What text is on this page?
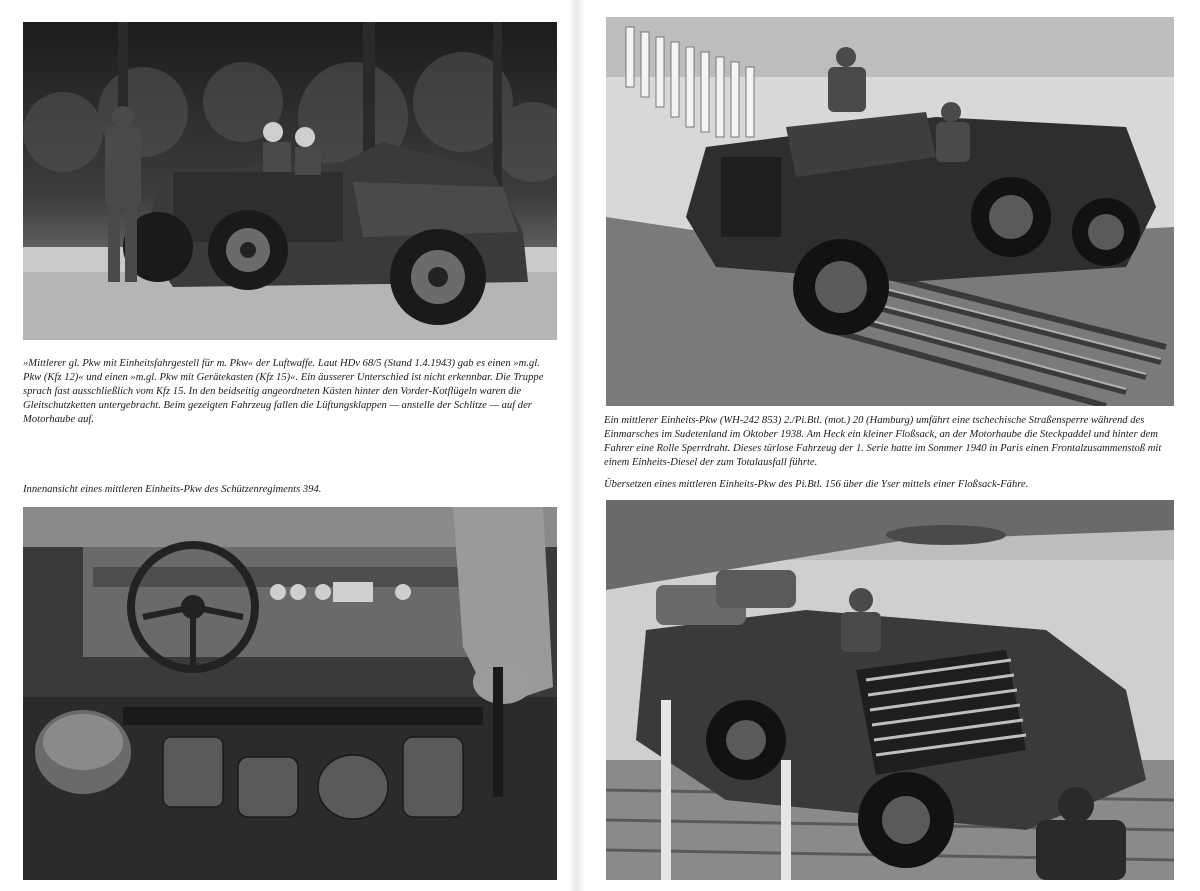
»Mittlerer gl. Pkw mit Einheitsfahrgestell für m. Pkw« der Luftwaffe. Laut HDv 68/5 (Stand 1.4.1943) gab es einen »m.gl. Pkw (Kfz 12)« und einen »m.gl. Pkw mit Gerätekasten (Kfz 15)«. Ein äusserer Unterschied ist nicht erkennbar. Die Truppe sprach fast ausschließlich vom Kfz 15. In den beidseitig angeordneten Kästen hinter den Vorder-Kotflügeln waren die Gleitschutzketten untergebracht. Beim gezeigten Fahrzeug fallen die Lüftungsklappen — anstelle der Schlitze — auf der Motorhaube auf.	Ein mittlerer Einheits-Pkw (WH-242 853) 2./Pi.Btl. (mot.) 20 (Hamburg) umfährt eine tschechische Straßensperre während des Einmarsches im Sudetenland im Oktober 1938. Am Heck ein kleiner Floßsack, an der Motorhaube die Steckpaddel und hinter dem Fahrer eine Rolle Sperrdraht. Dieses türlose Fahrzeug der 1. Serie hatte im Sommer 1940 in Paris einen Frontalzusammenstoß mit einem Einheits-Diesel der zum Totalausfall führte.

Innenansicht eines mittleren Einheits-Pkw des Schützenregiments 394.	Übersetzen eines mittleren Einheits-Pkw des Pi.Btl. 156 über die Yser mittels einer Floßsack-Fähre.
